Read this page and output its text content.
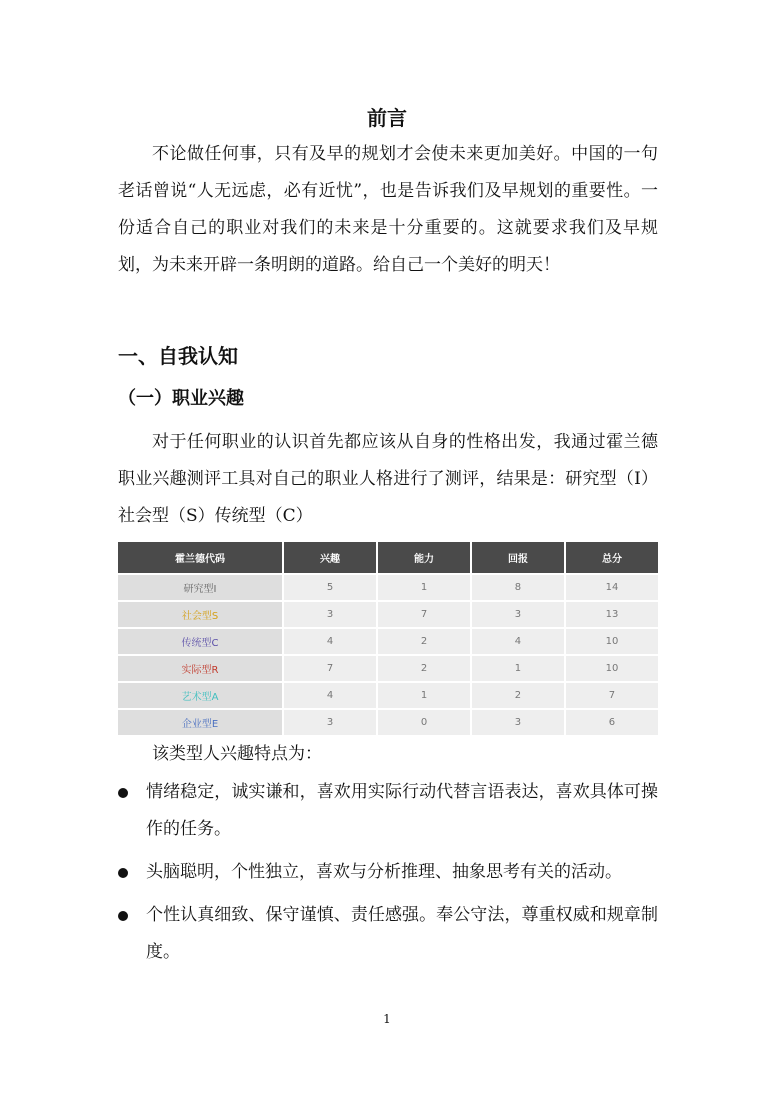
前言

不论做任何事，只有及早的规划才会使未来更加美好。中国的一句老话曾说“人无远虑，必有近忧”，也是告诉我们及早规划的重要性。一份适合自己的职业对我们的未来是十分重要的。这就要求我们及早规划，为未来开辟一条明朗的道路。给自己一个美好的明天！

一、自我认知
（一）职业兴趣

对于任何职业的认识首先都应该从自身的性格出发，我通过霍兰德职业兴趣测评工具对自己的职业人格进行了测评，结果是：研究型（I）社会型（S）传统型（C）

霍兰德代码	兴趣	能力	回报	总分
研究型I	5	1	8	14
社会型S	3	7	3	13
传统型C	4	2	4	10
实际型R	7	2	1	10
艺术型A	4	1	2	7
企业型E	3	0	3	6
该类型人兴趣特点为：
情绪稳定，诚实谦和，喜欢用实际行动代替言语表达，喜欢具体可操作的任务。
头脑聪明，个性独立，喜欢与分析推理、抽象思考有关的活动。
个性认真细致、保守谨慎、责任感强。奉公守法，尊重权威和规章制度。
1
